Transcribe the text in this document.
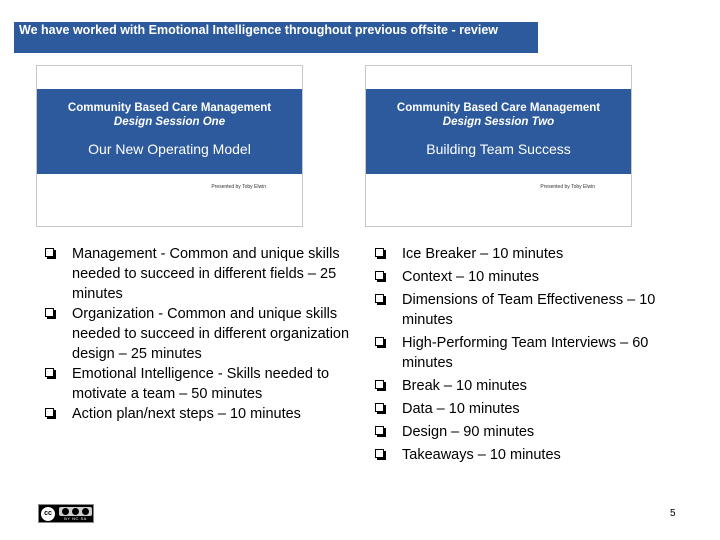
We have worked with Emotional Intelligence throughout previous offsite - review
Community Based Care Management
Design Session One
Our New Operating Model
Presented by Toby Elwin
Community Based Care Management
Design Session Two
Building Team Success
Presented by Toby Elwin
Management - Common and unique skills needed to succeed in different fields – 25 minutes
Organization - Common and unique skills needed to succeed in different organization design – 25 minutes
Emotional Intelligence - Skills needed to motivate a team – 50 minutes
Action plan/next steps – 10 minutes
Ice Breaker – 10 minutes
Context – 10 minutes
Dimensions of Team Effectiveness – 10 minutes
High-Performing Team Interviews – 60 minutes
Break – 10 minutes
Data – 10 minutes
Design – 90 minutes
Takeaways – 10 minutes
cc
BY NC SA	5
